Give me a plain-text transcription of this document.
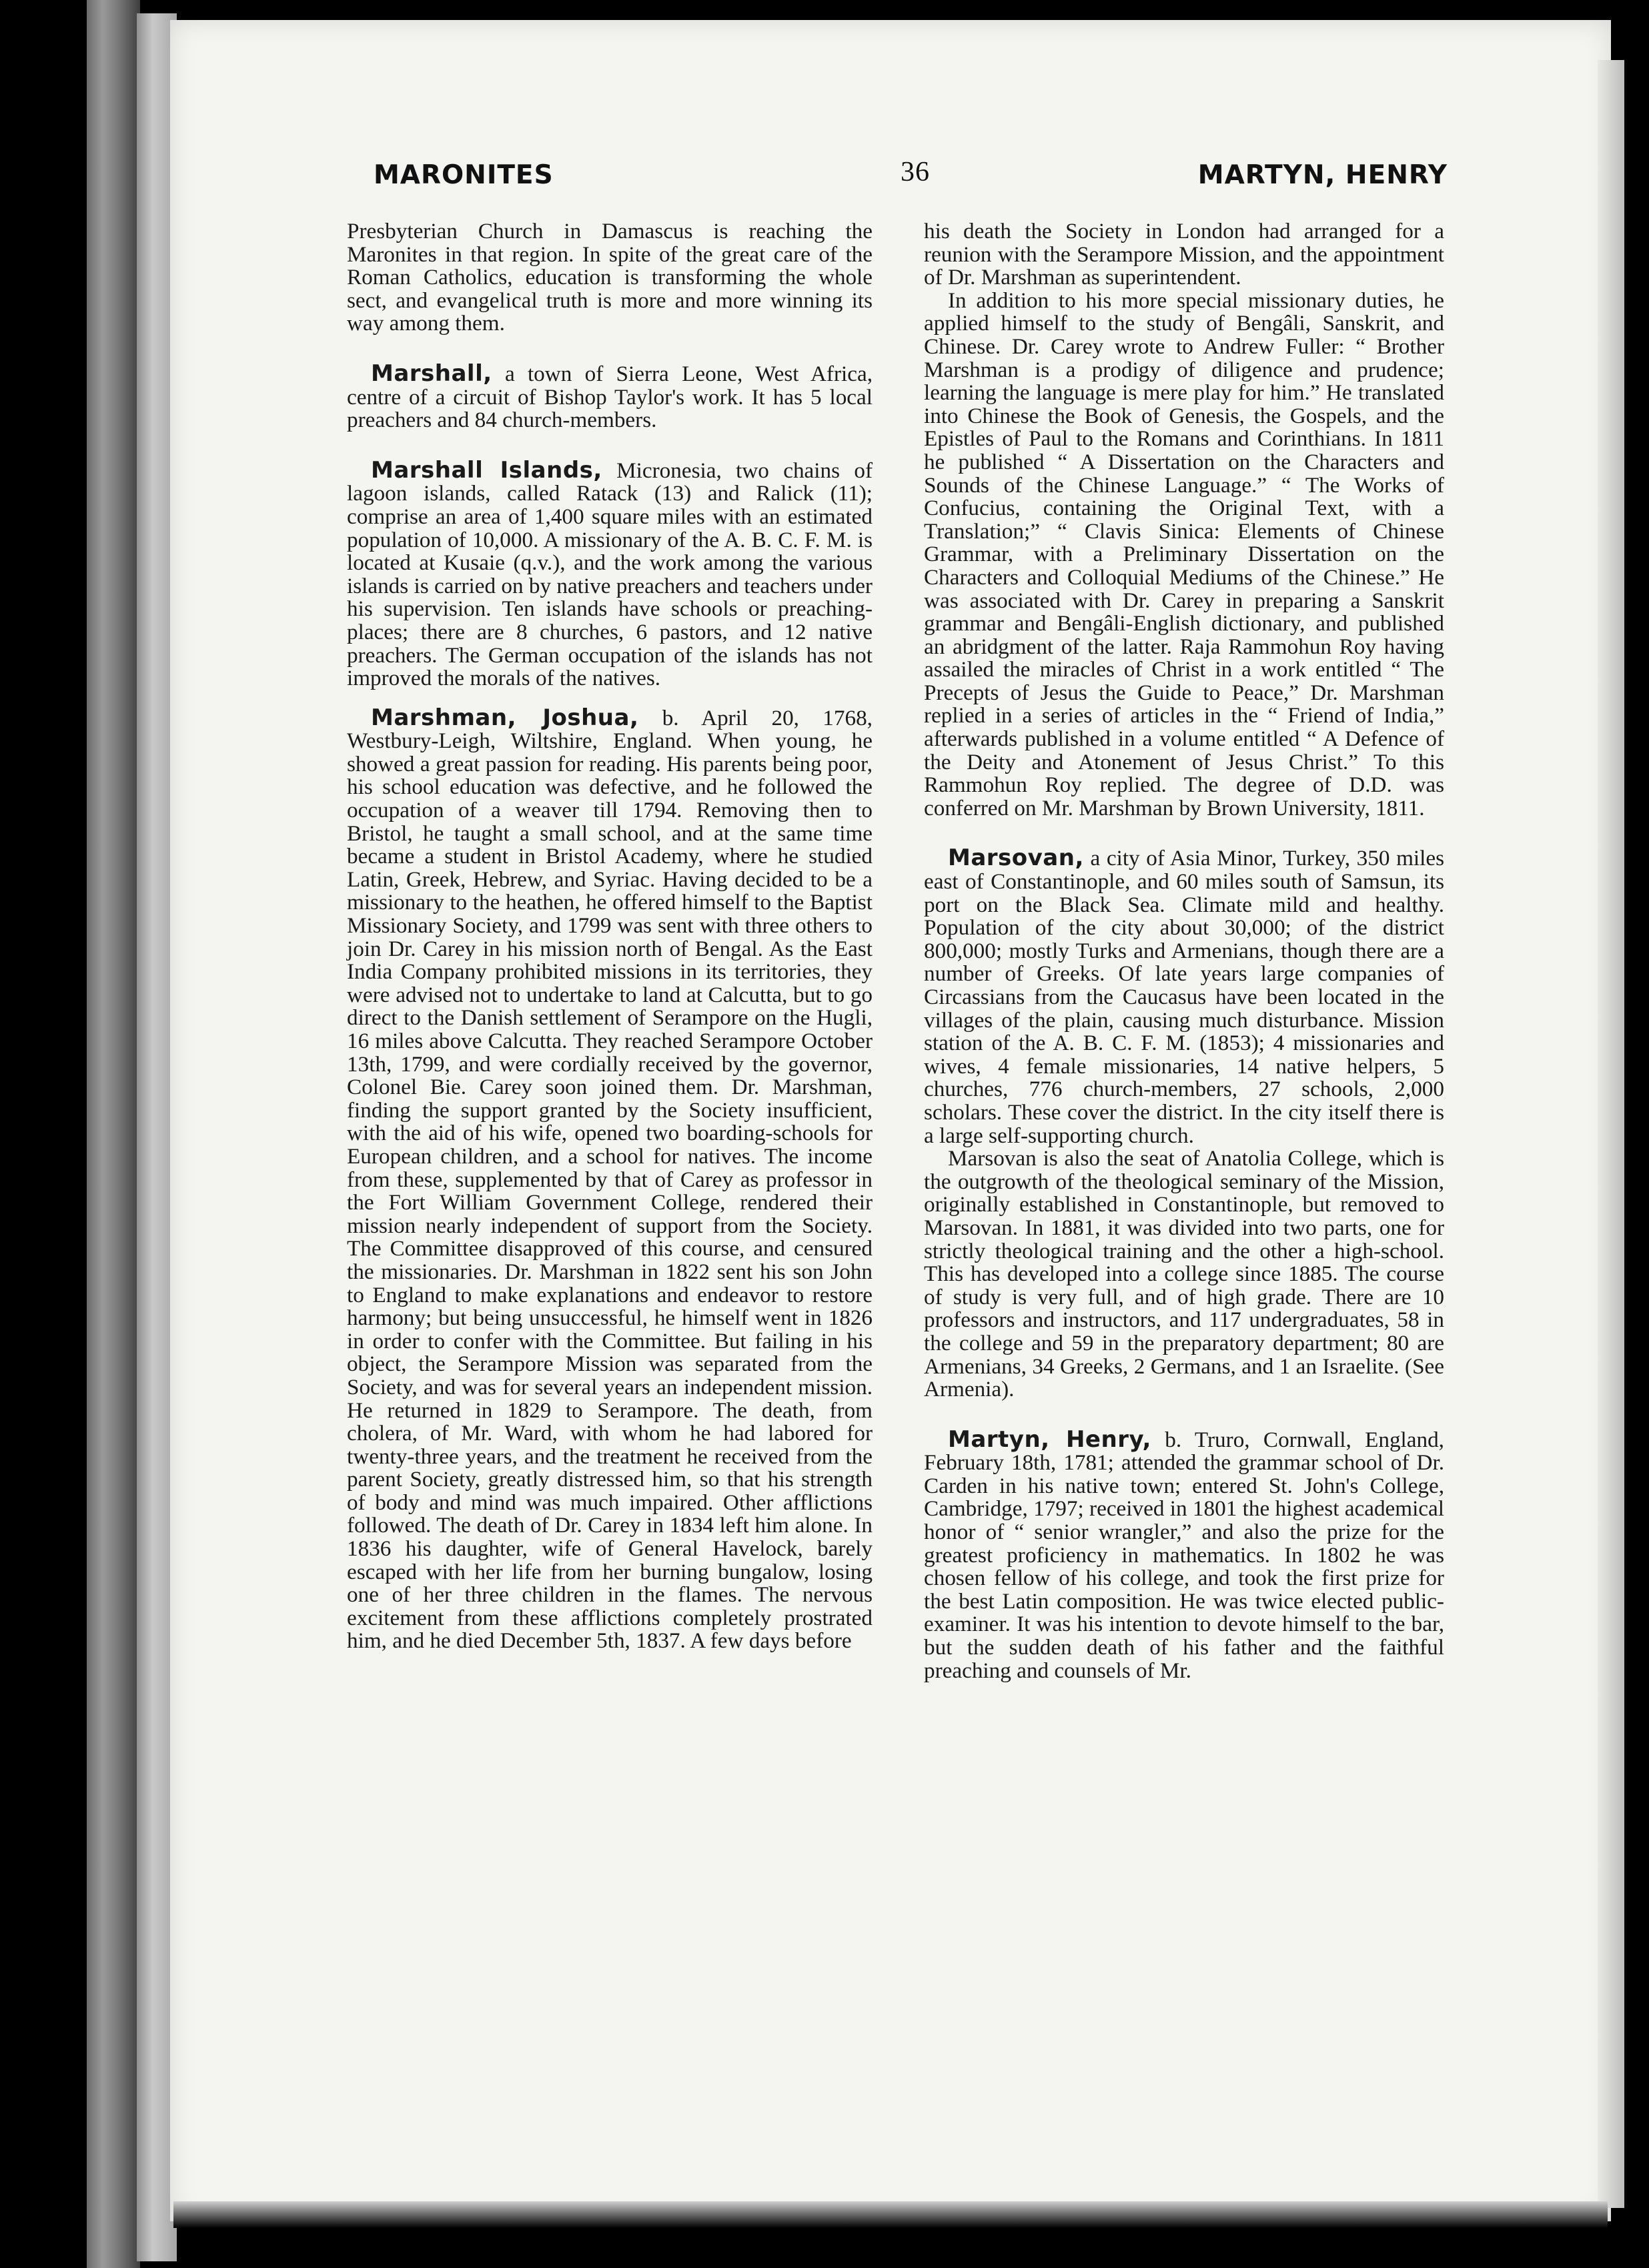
MARONITES	36	MARTYN, HENRY

Presbyterian Church in Damascus is reaching the Maronites in that region. In spite of the great care of the Roman Catholics, education is transforming the whole sect, and evangelical truth is more and more winning its way among them.

Marshall, a town of Sierra Leone, West Africa, centre of a circuit of Bishop Taylor's work. It has 5 local preachers and 84 church-members.

Marshall Islands, Micronesia, two chains of lagoon islands, called Ratack (13) and Ralick (11); comprise an area of 1,400 square miles with an estimated population of 10,000. A missionary of the A. B. C. F. M. is located at Kusaie (q.v.), and the work among the various islands is carried on by native preachers and teachers under his supervision. Ten islands have schools or preaching-places; there are 8 churches, 6 pastors, and 12 native preachers. The German occupation of the islands has not improved the morals of the natives.

Marshman, Joshua, b. April 20, 1768, Westbury-Leigh, Wiltshire, England. When young, he showed a great passion for reading. His parents being poor, his school education was defective, and he followed the occupation of a weaver till 1794. Removing then to Bristol, he taught a small school, and at the same time became a student in Bristol Academy, where he studied Latin, Greek, Hebrew, and Syriac. Having decided to be a missionary to the heathen, he offered himself to the Baptist Missionary Society, and 1799 was sent with three others to join Dr. Carey in his mission north of Bengal. As the East India Company prohibited missions in its territories, they were advised not to undertake to land at Calcutta, but to go direct to the Danish settlement of Serampore on the Hugli, 16 miles above Calcutta. They reached Serampore October 13th, 1799, and were cordially received by the governor, Colonel Bie. Carey soon joined them. Dr. Marshman, finding the support granted by the Society insufficient, with the aid of his wife, opened two boarding-schools for European children, and a school for natives. The income from these, supplemented by that of Carey as professor in the Fort William Government College, rendered their mission nearly independent of support from the Society. The Committee disapproved of this course, and censured the missionaries. Dr. Marshman in 1822 sent his son John to England to make explanations and endeavor to restore harmony; but being unsuccessful, he himself went in 1826 in order to confer with the Committee. But failing in his object, the Serampore Mission was separated from the Society, and was for several years an independent mission. He returned in 1829 to Serampore. The death, from cholera, of Mr. Ward, with whom he had labored for twenty-three years, and the treatment he received from the parent Society, greatly distressed him, so that his strength of body and mind was much impaired. Other afflictions followed. The death of Dr. Carey in 1834 left him alone. In 1836 his daughter, wife of General Havelock, barely escaped with her life from her burning bungalow, losing one of her three children in the flames. The nervous excitement from these afflictions completely prostrated him, and he died December 5th, 1837. A few days before

his death the Society in London had arranged for a reunion with the Serampore Mission, and the appointment of Dr. Marshman as superintendent.

In addition to his more special missionary duties, he applied himself to the study of Bengâli, Sanskrit, and Chinese. Dr. Carey wrote to Andrew Fuller: “ Brother Marshman is a prodigy of diligence and prudence; learning the language is mere play for him.” He translated into Chinese the Book of Genesis, the Gospels, and the Epistles of Paul to the Romans and Corinthians. In 1811 he published “ A Dissertation on the Characters and Sounds of the Chinese Language.” “ The Works of Confucius, containing the Original Text, with a Translation;” “ Clavis Sinica: Elements of Chinese Grammar, with a Preliminary Dissertation on the Characters and Colloquial Mediums of the Chinese.” He was associated with Dr. Carey in preparing a Sanskrit grammar and Bengâli-English dictionary, and published an abridgment of the latter. Raja Rammohun Roy having assailed the miracles of Christ in a work entitled “ The Precepts of Jesus the Guide to Peace,” Dr. Marshman replied in a series of articles in the “ Friend of India,” afterwards published in a volume entitled “ A Defence of the Deity and Atonement of Jesus Christ.” To this Rammohun Roy replied. The degree of D.D. was conferred on Mr. Marshman by Brown University, 1811.

Marsovan, a city of Asia Minor, Turkey, 350 miles east of Constantinople, and 60 miles south of Samsun, its port on the Black Sea. Climate mild and healthy. Population of the city about 30,000; of the district 800,000; mostly Turks and Armenians, though there are a number of Greeks. Of late years large companies of Circassians from the Caucasus have been located in the villages of the plain, causing much disturbance. Mission station of the A. B. C. F. M. (1853); 4 missionaries and wives, 4 female missionaries, 14 native helpers, 5 churches, 776 church-members, 27 schools, 2,000 scholars. These cover the district. In the city itself there is a large self-supporting church.

Marsovan is also the seat of Anatolia College, which is the outgrowth of the theological seminary of the Mission, originally established in Constantinople, but removed to Marsovan. In 1881, it was divided into two parts, one for strictly theological training and the other a high-school. This has developed into a college since 1885. The course of study is very full, and of high grade. There are 10 professors and instructors, and 117 undergraduates, 58 in the college and 59 in the preparatory department; 80 are Armenians, 34 Greeks, 2 Germans, and 1 an Israelite. (See Armenia).

Martyn, Henry, b. Truro, Cornwall, England, February 18th, 1781; attended the grammar school of Dr. Carden in his native town; entered St. John's College, Cambridge, 1797; received in 1801 the highest academical honor of “ senior wrangler,” and also the prize for the greatest proficiency in mathematics. In 1802 he was chosen fellow of his college, and took the first prize for the best Latin composition. He was twice elected public-examiner. It was his intention to devote himself to the bar, but the sudden death of his father and the faithful preaching and counsels of Mr.
